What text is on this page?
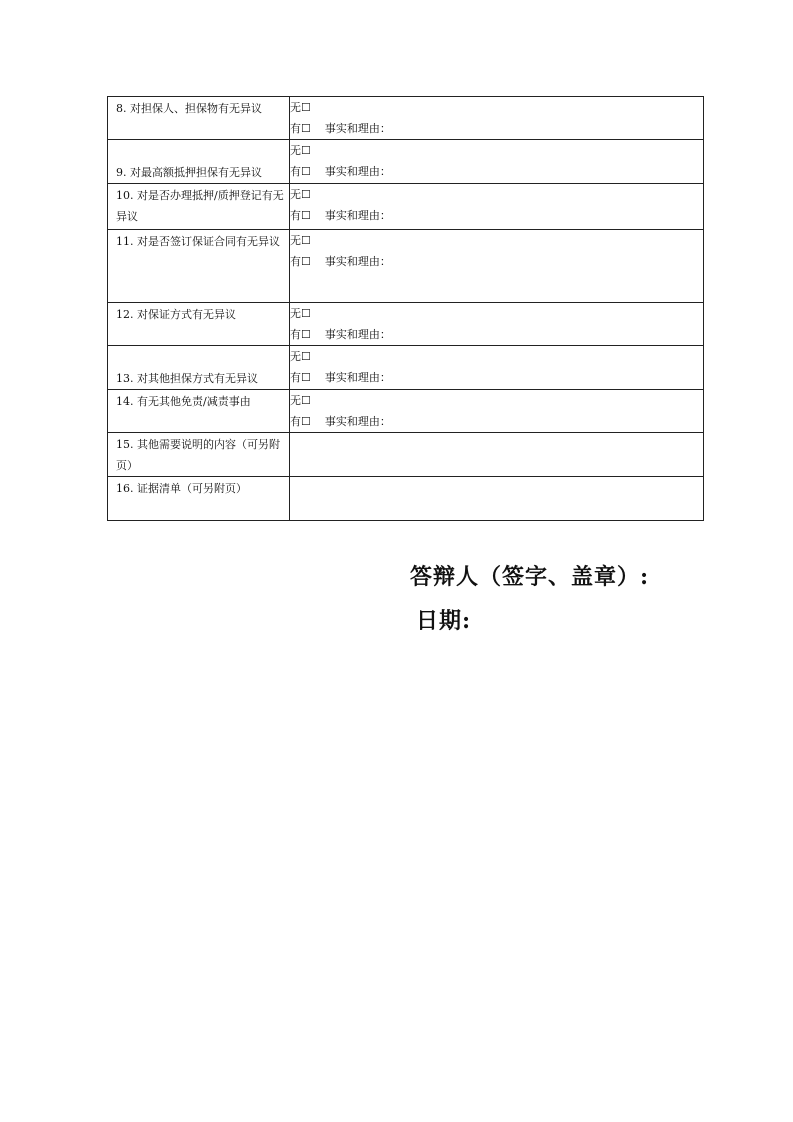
8. 对担保人、担保物有无异议	无☐
有☐ 事实和理由：

9. 对最高额抵押担保有无异议	无☐
有☐ 事实和理由：

10. 对是否办理抵押/质押登记有无异议	无☐
有☐ 事实和理由：

11. 对是否签订保证合同有无异议	无☐
有☐ 事实和理由：

12. 对保证方式有无异议	无☐
有☐ 事实和理由：

13. 对其他担保方式有无异议	无☐
有☐ 事实和理由：

14. 有无其他免责/减责事由	无☐
有☐ 事实和理由：

15. 其他需要说明的内容（可另附页）	

16. 证据清单（可另附页）	

答辩人（签字、盖章）:
日期:
